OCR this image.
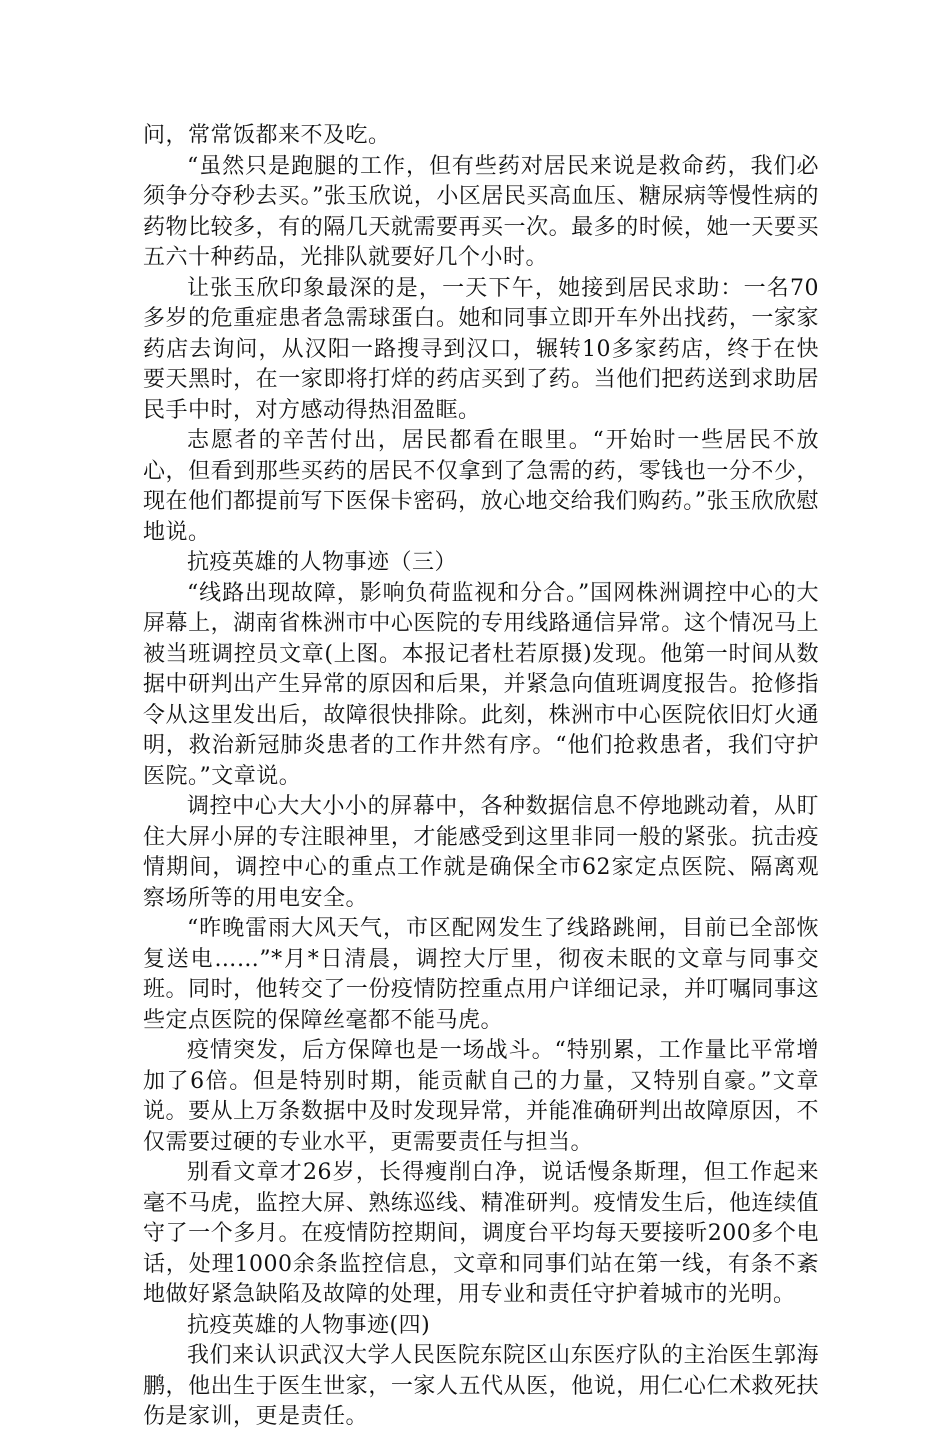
问，常常饭都来不及吃。

“虽然只是跑腿的工作，但有些药对居民来说是救命药，我们必须争分夺秒去买。”张玉欣说，小区居民买高血压、糖尿病等慢性病的药物比较多，有的隔几天就需要再买一次。最多的时候，她一天要买五六十种药品，光排队就要好几个小时。

让张玉欣印象最深的是，一天下午，她接到居民求助：一名70多岁的危重症患者急需球蛋白。她和同事立即开车外出找药，一家家药店去询问，从汉阳一路搜寻到汉口，辗转10多家药店，终于在快要天黑时，在一家即将打烊的药店买到了药。当他们把药送到求助居民手中时，对方感动得热泪盈眶。

志愿者的辛苦付出，居民都看在眼里。“开始时一些居民不放心，但看到那些买药的居民不仅拿到了急需的药，零钱也一分不少，现在他们都提前写下医保卡密码，放心地交给我们购药。”张玉欣欣慰地说。

抗疫英雄的人物事迹（三）

“线路出现故障，影响负荷监视和分合。”国网株洲调控中心的大屏幕上，湖南省株洲市中心医院的专用线路通信异常。这个情况马上被当班调控员文章(上图。本报记者杜若原摄)发现。他第一时间从数据中研判出产生异常的原因和后果，并紧急向值班调度报告。抢修指令从这里发出后，故障很快排除。此刻，株洲市中心医院依旧灯火通明，救治新冠肺炎患者的工作井然有序。“他们抢救患者，我们守护医院。”文章说。

调控中心大大小小的屏幕中，各种数据信息不停地跳动着，从盯住大屏小屏的专注眼神里，才能感受到这里非同一般的紧张。抗击疫情期间，调控中心的重点工作就是确保全市62家定点医院、隔离观察场所等的用电安全。

“昨晚雷雨大风天气，市区配网发生了线路跳闸，目前已全部恢复送电……”*月*日清晨，调控大厅里，彻夜未眠的文章与同事交班。同时，他转交了一份疫情防控重点用户详细记录，并叮嘱同事这些定点医院的保障丝毫都不能马虎。

疫情突发，后方保障也是一场战斗。“特别累，工作量比平常增加了6倍。但是特别时期，能贡献自己的力量，又特别自豪。”文章说。要从上万条数据中及时发现异常，并能准确研判出故障原因，不仅需要过硬的专业水平，更需要责任与担当。

别看文章才26岁，长得瘦削白净，说话慢条斯理，但工作起来毫不马虎，监控大屏、熟练巡线、精准研判。疫情发生后，他连续值守了一个多月。在疫情防控期间，调度台平均每天要接听200多个电话，处理1000余条监控信息，文章和同事们站在第一线，有条不紊地做好紧急缺陷及故障的处理，用专业和责任守护着城市的光明。

抗疫英雄的人物事迹(四)

我们来认识武汉大学人民医院东院区山东医疗队的主治医生郭海鹏，他出生于医生世家，一家人五代从医，他说，用仁心仁术救死扶伤是家训，更是责任。
